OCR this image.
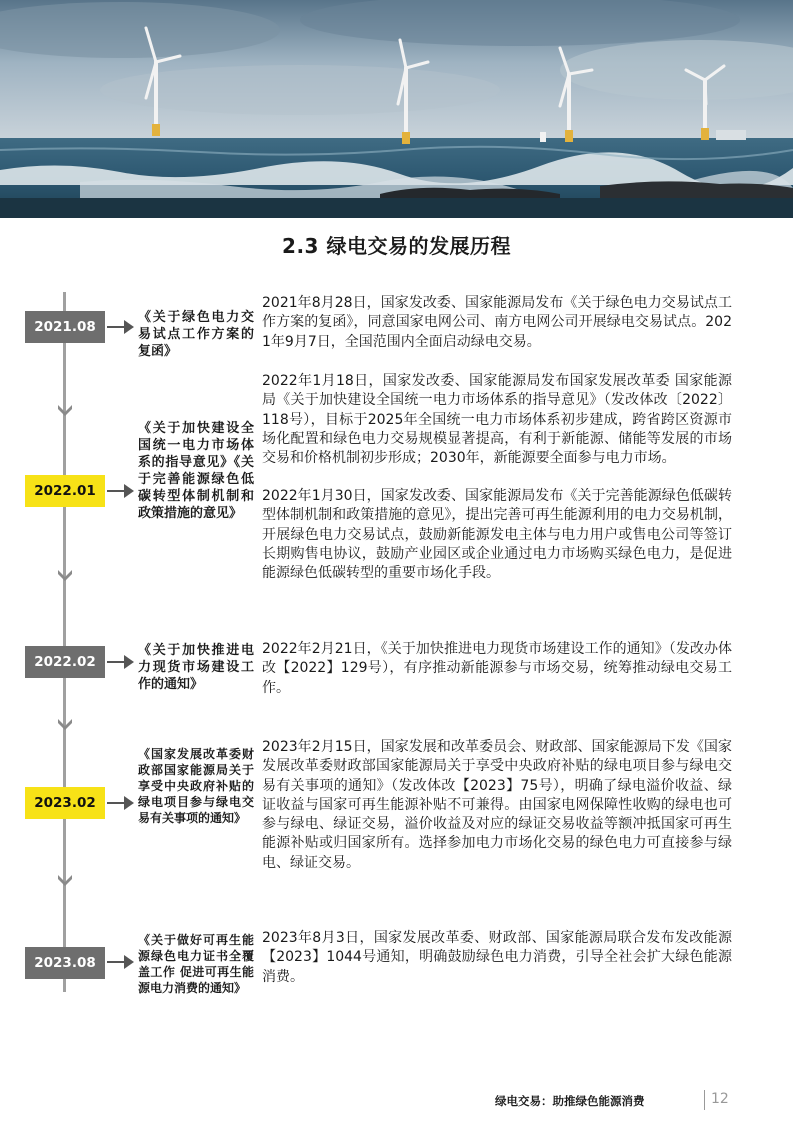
2.3 绿电交易的发展历程
2021.08
《关于绿色电力交易试点工作方案的复函》
2021年8月28日，国家发改委、国家能源局发布《关于绿色电力交易试点工作方案的复函》，同意国家电网公司、南方电网公司开展绿电交易试点。2021年9月7日，全国范围内全面启动绿电交易。
2022.01
《关于加快建设全国统一电力市场体系的指导意见》《关于完善能源绿色低碳转型体制机制和政策措施的意见》
2022年1月18日，国家发改委、国家能源局发布国家发展改革委 国家能源局《关于加快建设全国统一电力市场体系的指导意见》（发改体改〔2022〕118号），目标于2025年全国统一电力市场体系初步建成，跨省跨区资源市场化配置和绿色电力交易规模显著提高，有利于新能源、储能等发展的市场交易和价格机制初步形成；2030年，新能源要全面参与电力市场。
2022年1月30日，国家发改委、国家能源局发布《关于完善能源绿色低碳转型体制机制和政策措施的意见》，提出完善可再生能源利用的电力交易机制，开展绿色电力交易试点，鼓励新能源发电主体与电力用户或售电公司等签订长期购售电协议，鼓励产业园区或企业通过电力市场购买绿色电力，是促进能源绿色低碳转型的重要市场化手段。
2022.02
《关于加快推进电力现货市场建设工作的通知》
2022年2月21日，《关于加快推进电力现货市场建设工作的通知》（发改办体改【2022】129号），有序推动新能源参与市场交易，统筹推动绿电交易工作。
2023.02
《国家发展改革委财政部国家能源局关于享受中央政府补贴的绿电项目参与绿电交易有关事项的通知》
2023年2月15日，国家发展和改革委员会、财政部、国家能源局下发《国家发展改革委财政部国家能源局关于享受中央政府补贴的绿电项目参与绿电交易有关事项的通知》（发改体改【2023】75号），明确了绿电溢价收益、绿证收益与国家可再生能源补贴不可兼得。由国家电网保障性收购的绿电也可参与绿电、绿证交易，溢价收益及对应的绿证交易收益等额冲抵国家可再生能源补贴或归国家所有。选择参加电力市场化交易的绿色电力可直接参与绿电、绿证交易。
2023.08
《关于做好可再生能源绿色电力证书全覆盖工作 促进可再生能源电力消费的通知》
2023年8月3日，国家发展改革委、财政部、国家能源局联合发布发改能源【2023】1044号通知，明确鼓励绿色电力消费，引导全社会扩大绿色能源消费。
绿电交易：助推绿色能源消费	12
